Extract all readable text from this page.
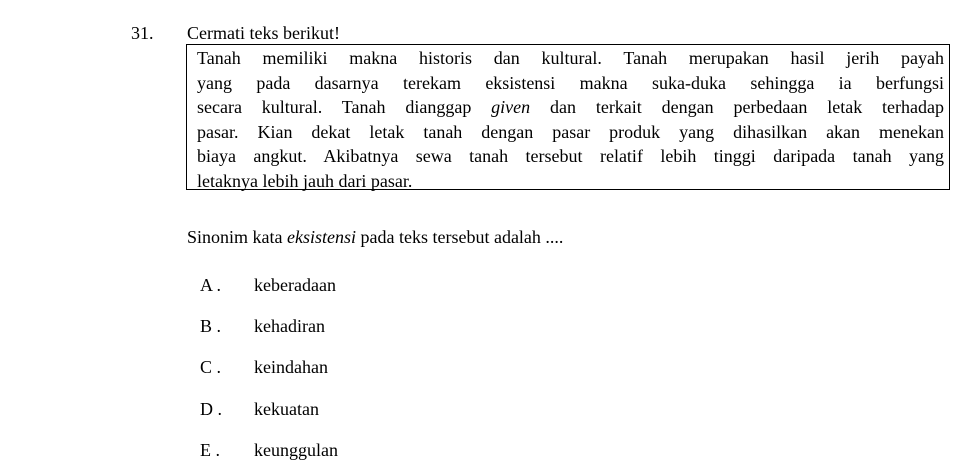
31. Cermati teks berikut!
Tanah memiliki makna historis dan kultural. Tanah merupakan hasil jerih payah
yang pada dasarnya terekam eksistensi makna suka-duka sehingga ia berfungsi
secara kultural. Tanah dianggap given dan terkait dengan perbedaan letak terhadap
pasar. Kian dekat letak tanah dengan pasar produk yang dihasilkan akan menekan
biaya angkut. Akibatnya sewa tanah tersebut relatif lebih tinggi daripada tanah yang
letaknya lebih jauh dari pasar.
Sinonim kata eksistensi pada teks tersebut adalah ....
A . keberadaan
B . kehadiran
C . keindahan
D . kekuatan
E . keunggulan
